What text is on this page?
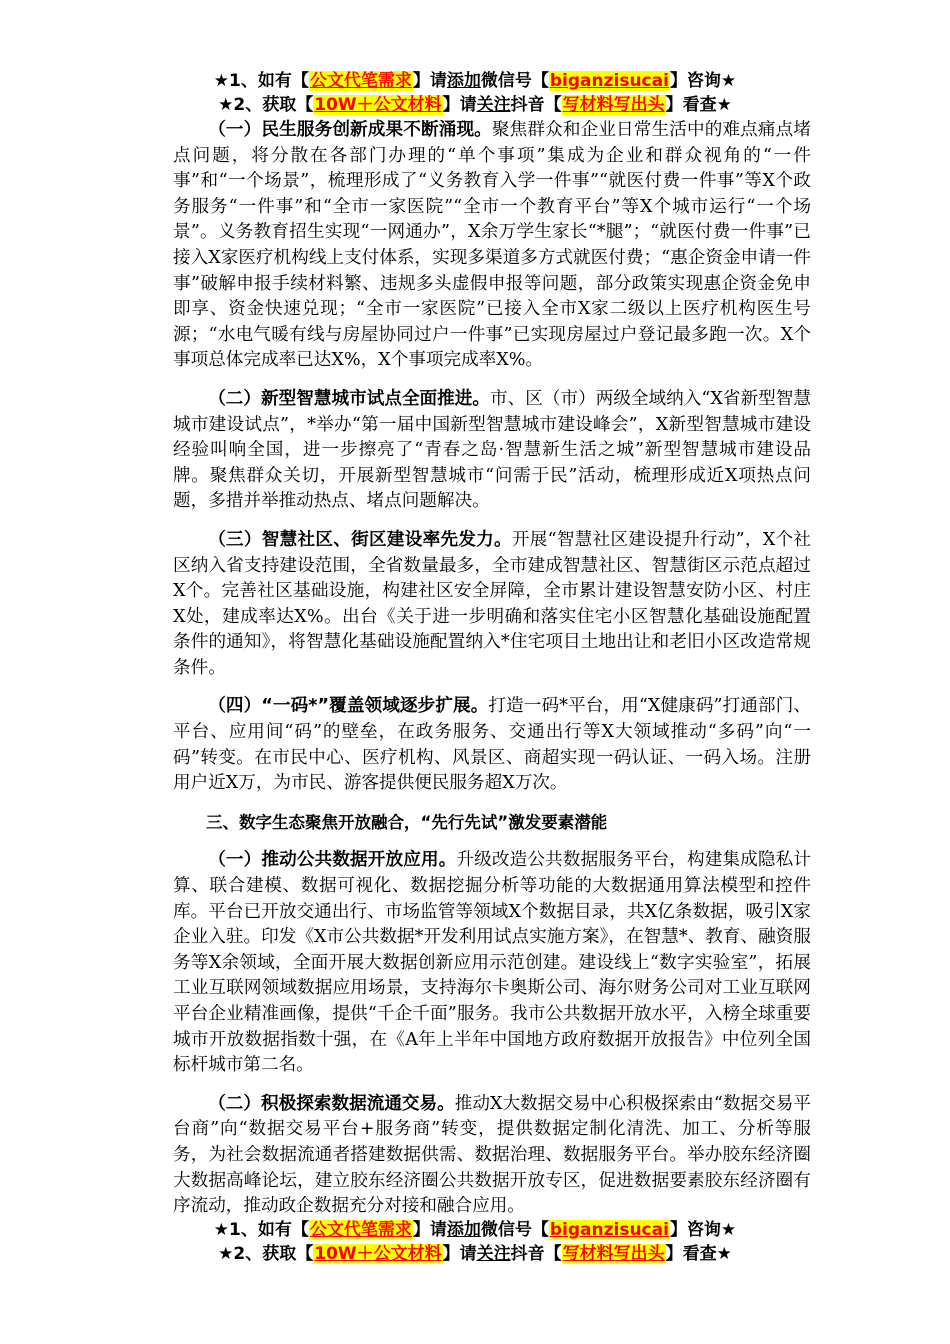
★1、如有【公文代笔需求】请添加微信号【biganzisucai】咨询★
★2、获取【10W＋公文材料】请关注抖音【写材料写出头】看查★

（一）民生服务创新成果不断涌现。聚焦群众和企业日常生活中的难点痛点堵点问题，将分散在各部门办理的“单个事项”集成为企业和群众视角的“一件事”和“一个场景”，梳理形成了“义务教育入学一件事”“就医付费一件事”等X个政务服务“一件事”和“全市一家医院”“全市一个教育平台”等X个城市运行“一个场景”。义务教育招生实现“一网通办”，X余万学生家长“*腿”；“就医付费一件事”已接入X家医疗机构线上支付体系，实现多渠道多方式就医付费；“惠企资金申请一件事”破解申报手续材料繁、违规多头虚假申报等问题，部分政策实现惠企资金免申即享、资金快速兑现；“全市一家医院”已接入全市X家二级以上医疗机构医生号源；“水电气暖有线与房屋协同过户一件事”已实现房屋过户登记最多跑一次。X个事项总体完成率已达X%，X个事项完成率X%。

（二）新型智慧城市试点全面推进。市、区（市）两级全域纳入“X省新型智慧城市建设试点”，*举办“第一届中国新型智慧城市建设峰会”，X新型智慧城市建设经验叫响全国，进一步擦亮了“青春之岛·智慧新生活之城”新型智慧城市建设品牌。聚焦群众关切，开展新型智慧城市“问需于民”活动，梳理形成近X项热点问题，多措并举推动热点、堵点问题解决。

（三）智慧社区、街区建设率先发力。开展“智慧社区建设提升行动”，X个社区纳入省支持建设范围，全省数量最多，全市建成智慧社区、智慧街区示范点超过X个。完善社区基础设施，构建社区安全屏障，全市累计建设智慧安防小区、村庄X处，建成率达X%。出台《关于进一步明确和落实住宅小区智慧化基础设施配置条件的通知》，将智慧化基础设施配置纳入*住宅项目土地出让和老旧小区改造常规条件。

（四）“一码*”覆盖领域逐步扩展。打造一码*平台，用“X健康码”打通部门、平台、应用间“码”的壁垒，在政务服务、交通出行等X大领域推动“多码”向“一码”转变。在市民中心、医疗机构、风景区、商超实现一码认证、一码入场。注册用户近X万，为市民、游客提供便民服务超X万次。

三、数字生态聚焦开放融合，“先行先试”激发要素潜能

（一）推动公共数据开放应用。升级改造公共数据服务平台，构建集成隐私计算、联合建模、数据可视化、数据挖掘分析等功能的大数据通用算法模型和控件库。平台已开放交通出行、市场监管等领域X个数据目录，共X亿条数据，吸引X家企业入驻。印发《X市公共数据*开发利用试点实施方案》，在智慧*、教育、融资服务等X余领域，全面开展大数据创新应用示范创建。建设线上“数字实验室”，拓展工业互联网领域数据应用场景，支持海尔卡奥斯公司、海尔财务公司对工业互联网平台企业精准画像，提供“千企千面”服务。我市公共数据开放水平，入榜全球重要城市开放数据指数十强，在《A年上半年中国地方政府数据开放报告》中位列全国标杆城市第二名。

（二）积极探索数据流通交易。推动X大数据交易中心积极探索由“数据交易平台商”向“数据交易平台+服务商”转变，提供数据定制化清洗、加工、分析等服务，为社会数据流通者搭建数据供需、数据治理、数据服务平台。举办胶东经济圈大数据高峰论坛，建立胶东经济圈公共数据开放专区，促进数据要素胶东经济圈有序流动，推动政企数据充分对接和融合应用。

★1、如有【公文代笔需求】请添加微信号【biganzisucai】咨询★
★2、获取【10W＋公文材料】请关注抖音【写材料写出头】看查★
